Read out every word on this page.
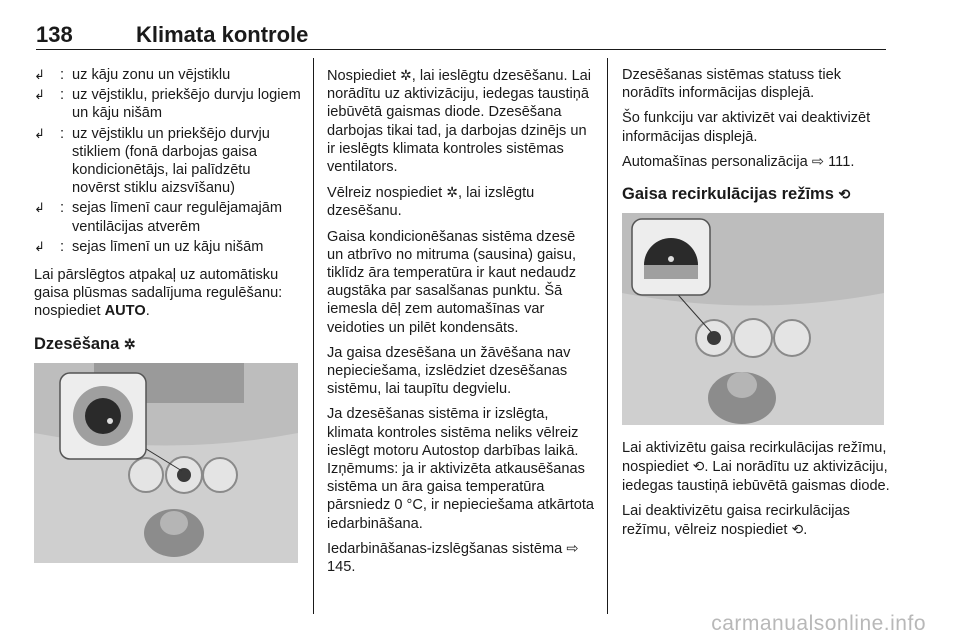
138	Klimata kontrole
↲	: uz kāju zonu un vējstiklu
↲	: uz vējstiklu, priekšējo durvju logiem un kāju nišām
↲	: uz vējstiklu un priekšējo durvju stikliem (fonā darbojas gaisa kondicionētājs, lai palīdzētu novērst stiklu aizsvīšanu)
↲	: sejas līmenī caur regulējamajām ventilācijas atverēm
↲	: sejas līmenī un uz kāju nišām

Lai pārslēgtos atpakaļ uz automātisku gaisa plūsmas sadalījuma regulēšanu: nospiediet AUTO.

Dzesēšana ✲

Nospiediet ✲, lai ieslēgtu dzesēšanu. Lai norādītu uz aktivizāciju, iedegas taustiņā iebūvētā gaismas diode. Dzesēšana darbojas tikai tad, ja darbojas dzinējs un ir ieslēgts klimata kontroles sistēmas ventilators.

Vēlreiz nospiediet ✲, lai izslēgtu dzesēšanu.

Gaisa kondicionēšanas sistēma dzesē un atbrīvo no mitruma (sausina) gaisu, tiklīdz āra temperatūra ir kaut nedaudz augstāka par sasalšanas punktu. Šā iemesla dēļ zem automašīnas var veidoties un pilēt kondensāts.

Ja gaisa dzesēšana un žāvēšana nav nepieciešama, izslēdziet dzesēšanas sistēmu, lai taupītu degvielu.

Ja dzesēšanas sistēma ir izslēgta, klimata kontroles sistēma neliks vēlreiz ieslēgt motoru Autostop darbības laikā. Izņēmums: ja ir aktivizēta atkausēšanas sistēma un āra gaisa temperatūra pārsniedz 0 °C, ir nepieciešama atkārtota iedarbināšana.

Iedarbināšanas-izslēgšanas sistēma ⇨ 145.

Dzesēšanas sistēmas statuss tiek norādīts informācijas displejā.

Šo funkciju var aktivizēt vai deaktivizēt informācijas displejā.

Automašīnas personalizācija ⇨ 111.

Gaisa recirkulācijas režīms ⟲

Lai aktivizētu gaisa recirkulācijas režīmu, nospiediet ⟲. Lai norādītu uz aktivizāciju, iedegas taustiņā iebūvētā gaismas diode.

Lai deaktivizētu gaisa recirkulācijas režīmu, vēlreiz nospiediet ⟲.

carmanualsonline.info
